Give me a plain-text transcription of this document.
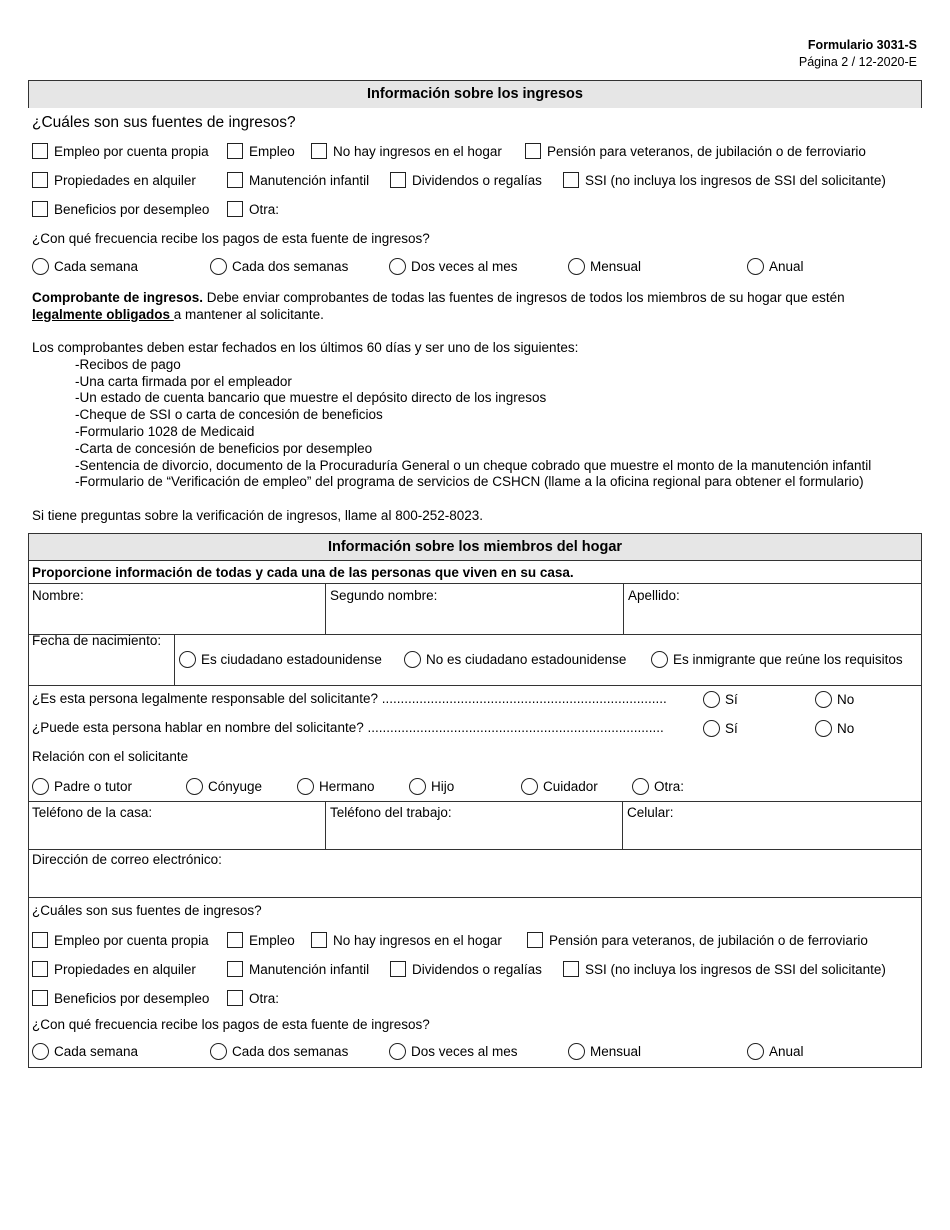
Formulario 3031-S
Página 2 / 12-2020-E
Información sobre los ingresos
¿Cuáles son sus fuentes de ingresos?
Empleo por cuenta propia	Empleo	No hay ingresos en el hogar	Pensión para veteranos, de jubilación o de ferroviario
Propiedades en alquiler	Manutención infantil	Dividendos o regalías	SSI (no incluya los ingresos de SSI del solicitante)
Beneficios por desempleo	Otra:
¿Con qué frecuencia recibe los pagos de esta fuente de ingresos?
Cada semana	Cada dos semanas	Dos veces al mes	Mensual	Anual
Comprobante de ingresos. Debe enviar comprobantes de todas las fuentes de ingresos de todos los miembros de su hogar que estén
legalmente obligados a mantener al solicitante.
Los comprobantes deben estar fechados en los últimos 60 días y ser uno de los siguientes:
-Recibos de pago
-Una carta firmada por el empleador
-Un estado de cuenta bancario que muestre el depósito directo de los ingresos
-Cheque de SSI o carta de concesión de beneficios
-Formulario 1028 de Medicaid
-Carta de concesión de beneficios por desempleo
-Sentencia de divorcio, documento de la Procuraduría General o un cheque cobrado que muestre el monto de la manutención infantil
-Formulario de “Verificación de empleo” del programa de servicios de CSHCN (llame a la oficina regional para obtener el formulario)
Si tiene preguntas sobre la verificación de ingresos, llame al 800-252-8023.
Información sobre los miembros del hogar
Proporcione información de todas y cada una de las personas que viven en su casa.
Nombre:	Segundo nombre:	Apellido:
Fecha de nacimiento:
Es ciudadano estadounidense	No es ciudadano estadounidense	Es inmigrante que reúne los requisitos
¿Es esta persona legalmente responsable del solicitante? ............................................................................	Sí	No
¿Puede esta persona hablar en nombre del solicitante? ...............................................................................	Sí	No
Relación con el solicitante
Padre o tutor	Cónyuge	Hermano	Hijo	Cuidador	Otra:
Teléfono de la casa:	Teléfono del trabajo:	Celular:
Dirección de correo electrónico:
¿Cuáles son sus fuentes de ingresos?
Empleo por cuenta propia	Empleo	No hay ingresos en el hogar	Pensión para veteranos, de jubilación o de ferroviario
Propiedades en alquiler	Manutención infantil	Dividendos o regalías	SSI (no incluya los ingresos de SSI del solicitante)
Beneficios por desempleo	Otra:
¿Con qué frecuencia recibe los pagos de esta fuente de ingresos?
Cada semana	Cada dos semanas	Dos veces al mes	Mensual	Anual
